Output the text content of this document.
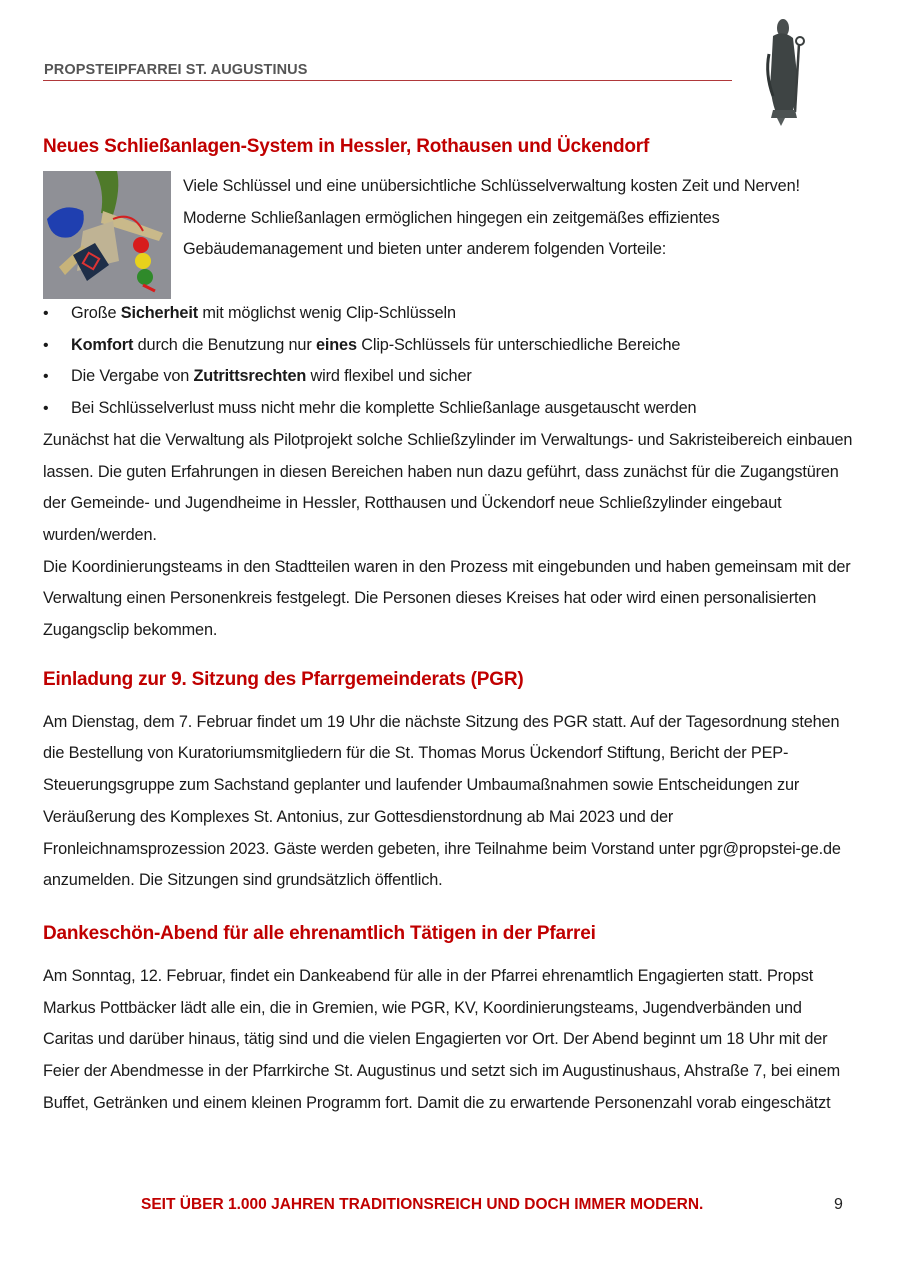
PROPSTEIPFARREI ST. AUGUSTINUS
Neues Schließanlagen-System in Hessler, Rothausen und Ückendorf

Viele Schlüssel und eine unübersichtliche Schlüsselverwaltung kosten Zeit und Nerven!

Moderne Schließanlagen ermöglichen hingegen ein zeitgemäßes effizientes Gebäudemanagement und bieten unter anderem folgenden Vorteile:

• Große Sicherheit mit möglichst wenig Clip-Schlüsseln
• Komfort durch die Benutzung nur eines Clip-Schlüssels für unterschiedliche Bereiche
• Die Vergabe von Zutrittsrechten wird flexibel und sicher
• Bei Schlüsselverlust muss nicht mehr die komplette Schließanlage ausgetauscht werden

Zunächst hat die Verwaltung als Pilotprojekt solche Schließzylinder im Verwaltungs- und Sakristeibereich einbauen lassen. Die guten Erfahrungen in diesen Bereichen haben nun dazu geführt, dass zunächst für die Zugangstüren der Gemeinde- und Jugendheime in Hessler, Rotthausen und Ückendorf neue Schließzylinder eingebaut wurden/werden.

Die Koordinierungsteams in den Stadtteilen waren in den Prozess mit eingebunden und haben gemeinsam mit der Verwaltung einen Personenkreis festgelegt. Die Personen dieses Kreises hat oder wird einen personalisierten Zugangsclip bekommen.

Einladung zur 9. Sitzung des Pfarrgemeinderats (PGR)

Am Dienstag, dem 7. Februar findet um 19 Uhr die nächste Sitzung des PGR statt. Auf der Tagesordnung stehen die Bestellung von Kuratoriumsmitgliedern für die St. Thomas Morus Ückendorf Stiftung, Bericht der PEP-Steuerungsgruppe zum Sachstand geplanter und laufender Umbaumaßnahmen sowie Entscheidungen zur Veräußerung des Komplexes St. Antonius, zur Gottesdienstordnung ab Mai 2023 und der Fronleichnamsprozession 2023. Gäste werden gebeten, ihre Teilnahme beim Vorstand unter pgr@propstei-ge.de anzumelden. Die Sitzungen sind grundsätzlich öffentlich.

Dankeschön-Abend für alle ehrenamtlich Tätigen in der Pfarrei

Am Sonntag, 12. Februar, findet ein Dankeabend für alle in der Pfarrei ehrenamtlich Engagierten statt. Propst Markus Pottbäcker lädt alle ein, die in Gremien, wie PGR, KV, Koordinierungsteams, Jugendverbänden und Caritas und darüber hinaus, tätig sind und die vielen Engagierten vor Ort. Der Abend beginnt um 18 Uhr mit der Feier der Abendmesse in der Pfarrkirche St. Augustinus und setzt sich im Augustinushaus, Ahstraße 7, bei einem Buffet, Getränken und einem kleinen Programm fort. Damit die zu erwartende Personenzahl vorab eingeschätzt

SEIT ÜBER 1.000 JAHREN TRADITIONSREICH UND DOCH IMMER MODERN.	9
